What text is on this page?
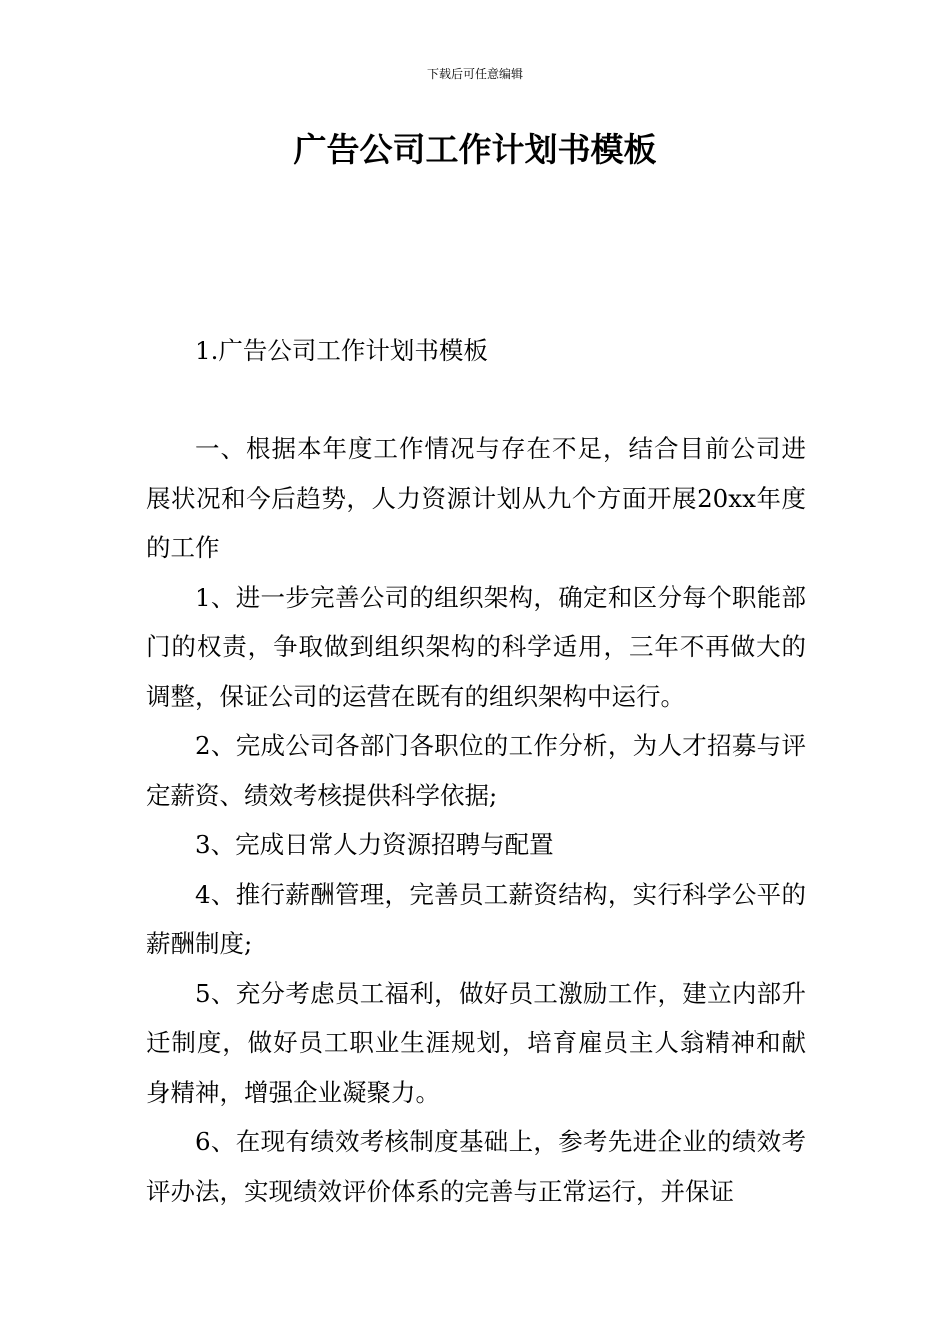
下载后可任意编辑
广告公司工作计划书模板

1.广告公司工作计划书模板

一、根据本年度工作情况与存在不足，结合目前公司进展状况和今后趋势，人力资源计划从九个方面开展20xx年度的工作

1、进一步完善公司的组织架构，确定和区分每个职能部门的权责，争取做到组织架构的科学适用，三年不再做大的调整，保证公司的运营在既有的组织架构中运行。

2、完成公司各部门各职位的工作分析，为人才招募与评定薪资、绩效考核提供科学依据;

3、完成日常人力资源招聘与配置

4、推行薪酬管理，完善员工薪资结构，实行科学公平的薪酬制度;

5、充分考虑员工福利，做好员工激励工作，建立内部升迁制度，做好员工职业生涯规划，培育雇员主人翁精神和献身精神，增强企业凝聚力。

6、在现有绩效考核制度基础上，参考先进企业的绩效考评办法，实现绩效评价体系的完善与正常运行，并保证
